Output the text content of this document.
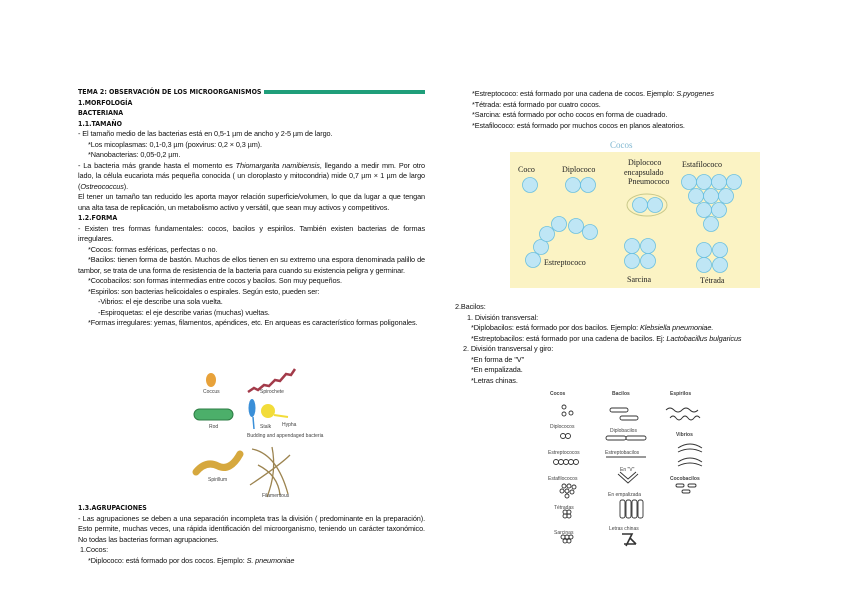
TEMA 2: OBSERVACIÓN DE LOS MICROORGANISMOS
1.MORFOLOGÍA BACTERIANA
1.1.TAMAÑO

- El tamaño medio de las bacterias está en 0,5-1 µm de ancho y 2-5 µm de largo.

*Los micoplasmas: 0,1-0,3 µm (poxvirus: 0,2 × 0,3 µm).

*Nanobacterias: 0,05-0,2 µm.

- La bacteria más grande hasta el momento es Thiomargarita namibiensis, llegando a medir mm. Por otro lado, la célula eucariota más pequeña conocida ( un cloroplasto y mitocondria) mide 0,7 µm × 1 µm de largo (Ostreococcus).

El tener un tamaño tan reducido les aporta mayor relación superficie/volumen, lo que da lugar a que tengan una alta tasa de replicación, un metabolismo activo y versátil, que sean muy activos y competitivos.

1.2.FORMA

- Existen tres formas fundamentales: cocos, bacilos y espirilos. También existen bacterias de formas irregulares.

*Cocos: formas esféricas, perfectas o no.

*Bacilos: tienen forma de bastón. Muchos de ellos tienen en su extremo una espora denominada palillo de tambor, se trata de una forma de resistencia de la bacteria para cuando su existencia peligra y germinar.

*Cocobacilos: son formas intermedias entre cocos y bacilos. Son muy pequeños.

*Espirilos: son bacterias helicoidales o espirales. Según esto, pueden ser:

-Vibrios: el eje describe una sola vuelta.

-Espiroquetas: el eje describe varias (muchas) vueltas.

*Formas irregulares: yemas, filamentos, apéndices, etc. En arqueas es característico formas poligonales.

Coccus	Spirochete
Rod	Stalk Hypha
Budding and appendaged bacteria
Spirillum
Filamentous
1.3.AGRUPACIONES

- Las agrupaciones se deben a una separación incompleta tras la división ( predominante en la preparación). Esto permite, muchas veces, una rápida identificación del microorganismo, teniendo un carácter taxonómico. No todas las bacterias forman agrupaciones.

1.Cocos:

*Diplococo: está formado por dos cocos. Ejemplo: S. pneumoniae

*Estreptococo: está formado por una cadena de cocos. Ejemplo: S.pyogenes

*Tétrada: está formado por cuatro cocos.

*Sarcina: está formado por ocho cocos en forma de cuadrado.

*Estafilococo: está formado por muchos cocos en planos aleatorios.

Cocos
Coco	Diplococo
Diplococo
encapsulado
Pneumococo
Estafilococo
Estreptococo
Sarcina	Tétrada

2.Bacilos:

1. División transversal:

*Diplobacilos: está formado por dos bacilos. Ejemplo: Klebsiella pneumoniae.

*Estreptobacilos: está formado por una cadena de bacilos. Ej: Lactobacillus bulgaricus

2. División transversal y giro:

*En forma de "V"

*En empalizada.

*Letras chinas.

Cocos	Bacilos	Espirilos
Diplococos
Diplobacilos
Vibrios
Estreptococos	Estreptobacilos
En "V"
Estafilococos	Cocobacilos
En empalizada
Tétradas
Sarcinas
Letras chinas
